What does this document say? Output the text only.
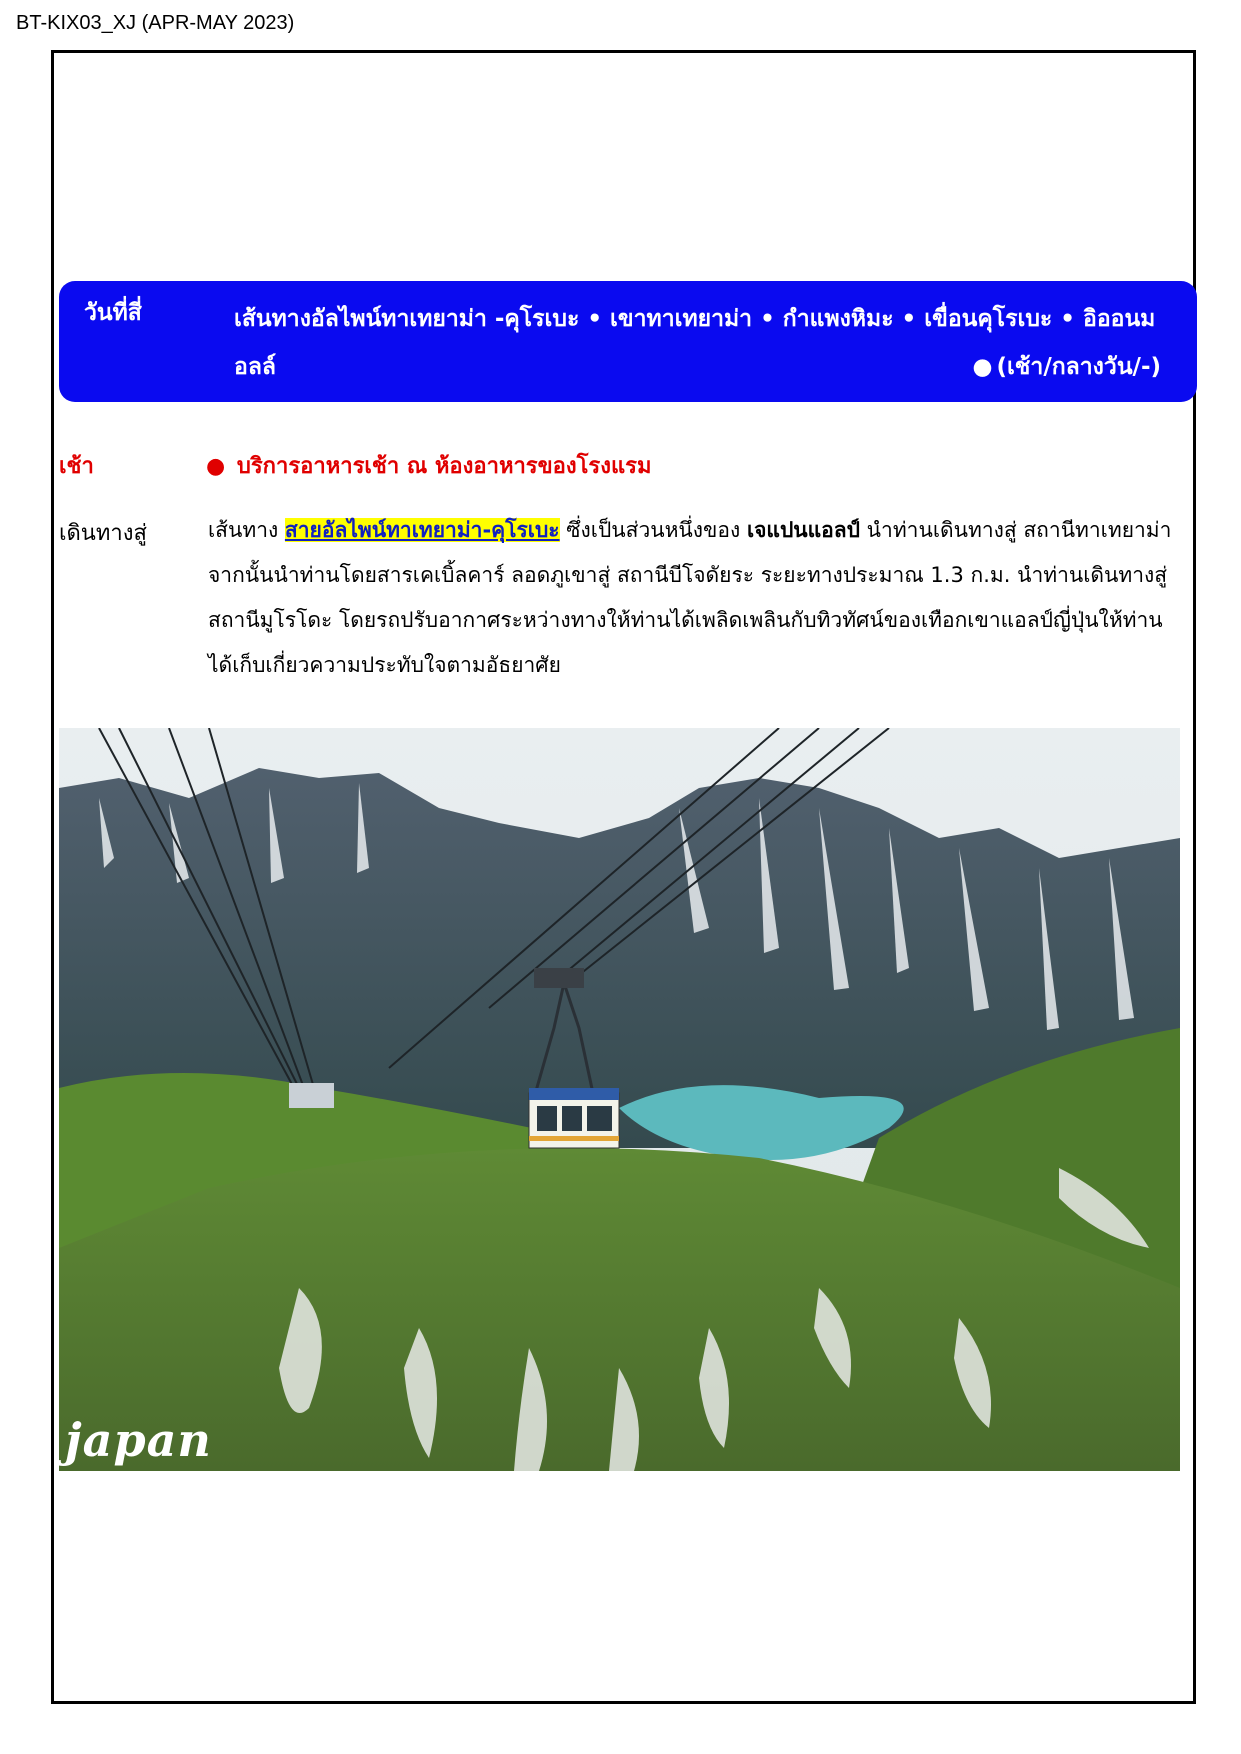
BT-KIX03_XJ (APR-MAY 2023)
วันที่สี่	เส้นทางอัลไพน์ทาเทยาม่า -คุโรเบะ • เขาทาเทยาม่า • กำแพงหิมะ • เขื่อนคุโรเบะ • อิออนมอลล์	● (เช้า/กลางวัน/-)
เช้า	● บริการอาหารเช้า ณ ห้องอาหารของโรงแรม
เดินทางสู่	เส้นทาง สายอัลไพน์ทาเทยาม่า-คุโรเบะ ซึ่งเป็นส่วนหนึ่งของ เจแปนแอลป์ นำท่านเดินทางสู่ สถานีทาเทยาม่า จากนั้นนำท่านโดยสารเคเบิ้ลคาร์ ลอดภูเขาสู่ สถานีบีโจดัยระ ระยะทางประมาณ 1.3 ก.ม. นำท่านเดินทางสู่ สถานีมูโรโดะ โดยรถปรับอากาศระหว่างทางให้ท่านได้เพลิดเพลินกับทิวทัศน์ของเทือกเขาแอลป์ญี่ปุ่นให้ท่านได้เก็บเกี่ยวความประทับใจตามอัธยาศัย
japan
